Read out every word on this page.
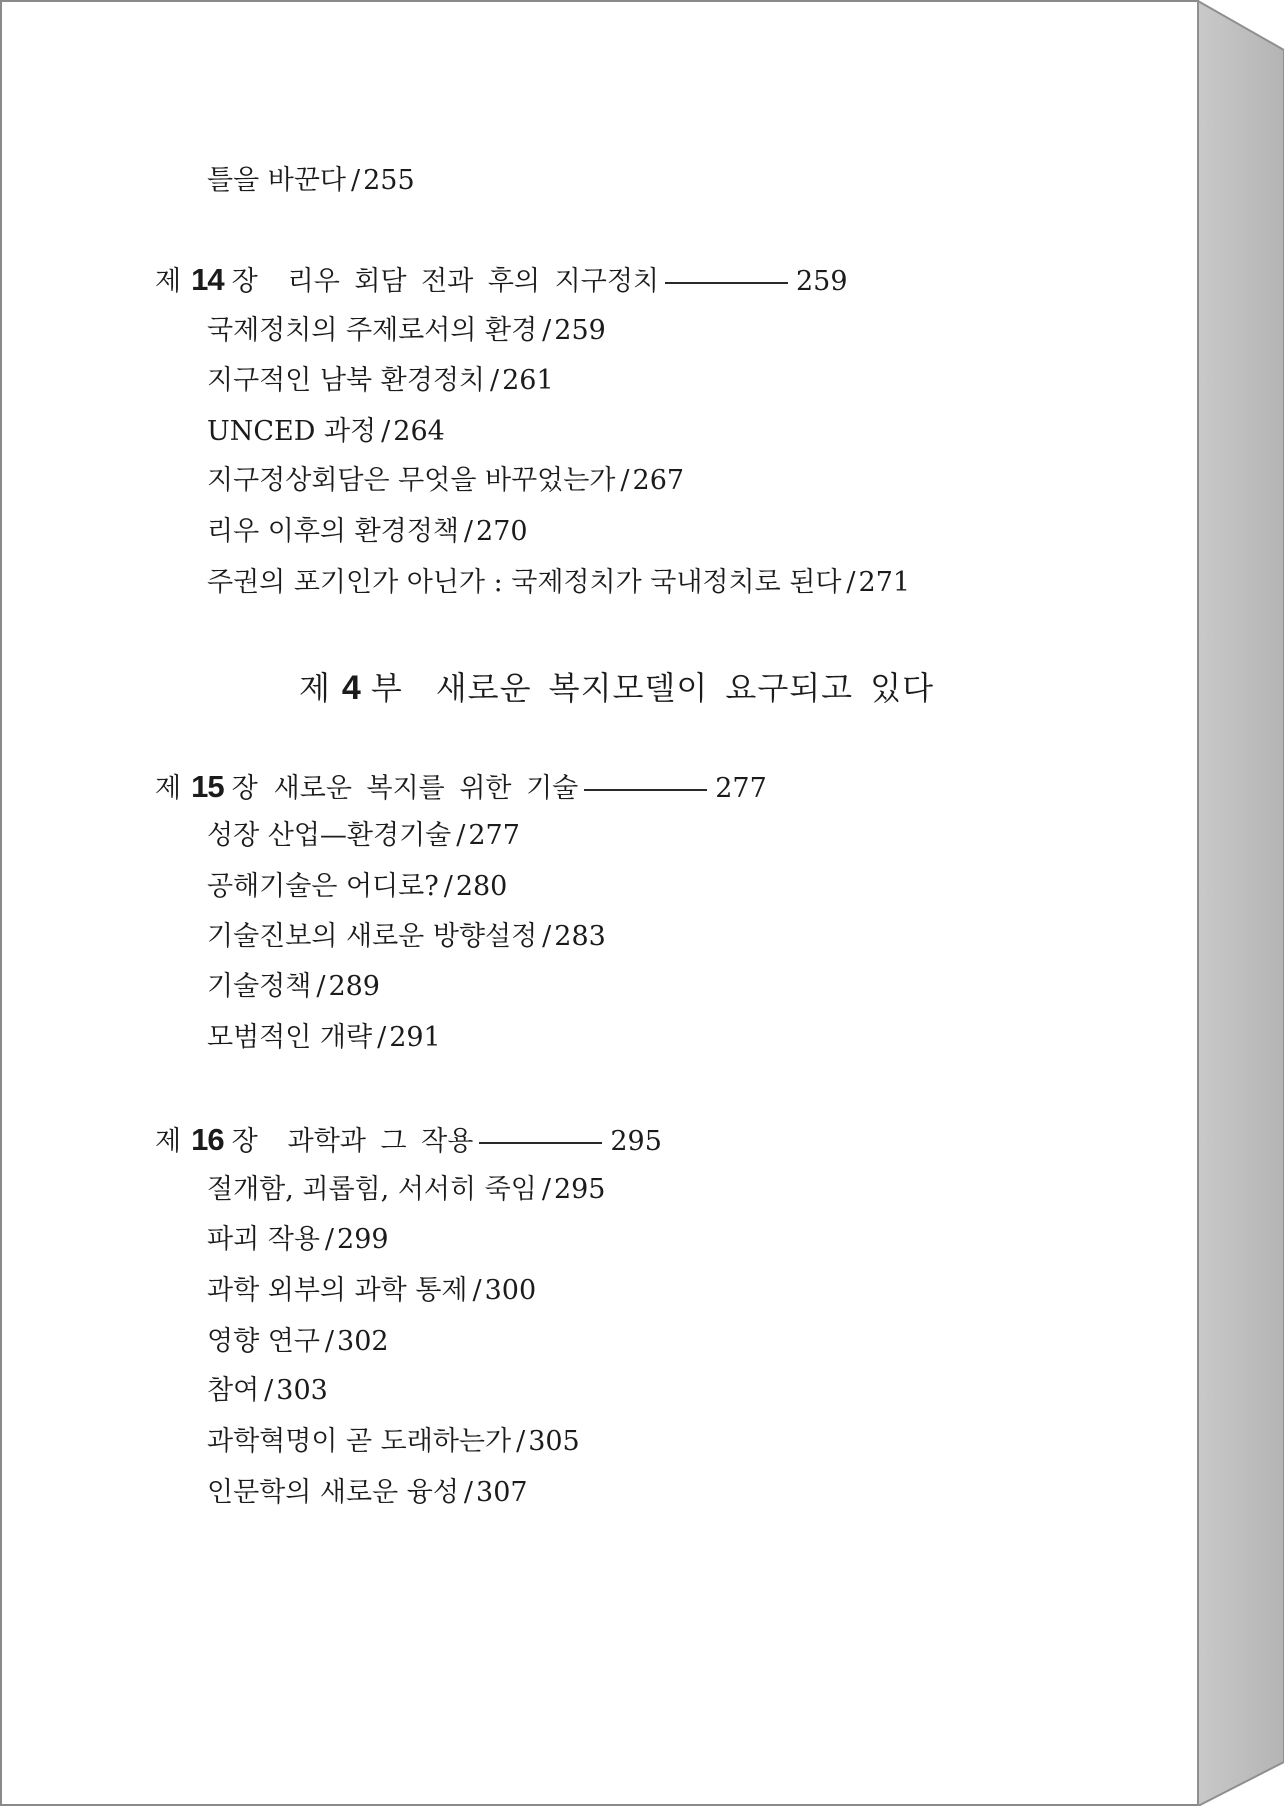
틀을 바꾼다 / 255
제 14 장 리우 회담 전과 후의 지구정치	259
국제정치의 주제로서의 환경 / 259
지구적인 남북 환경정치 / 261
UNCED 과정 / 264
지구정상회담은 무엇을 바꾸었는가 / 267
리우 이후의 환경정책 / 270
주권의 포기인가 아닌가 : 국제정치가 국내정치로 된다 / 271
제 4 부 새로운 복지모델이 요구되고 있다
제 15 장 새로운 복지를 위한 기술	277
성장 산업—환경기술 / 277
공해기술은 어디로? / 280
기술진보의 새로운 방향설정 / 283
기술정책 / 289
모범적인 개략 / 291
제 16 장 과학과 그 작용	295
절개함, 괴롭힘, 서서히 죽임 / 295
파괴 작용 / 299
과학 외부의 과학 통제 / 300
영향 연구 / 302
참여 / 303
과학혁명이 곧 도래하는가 / 305
인문학의 새로운 융성 / 307
